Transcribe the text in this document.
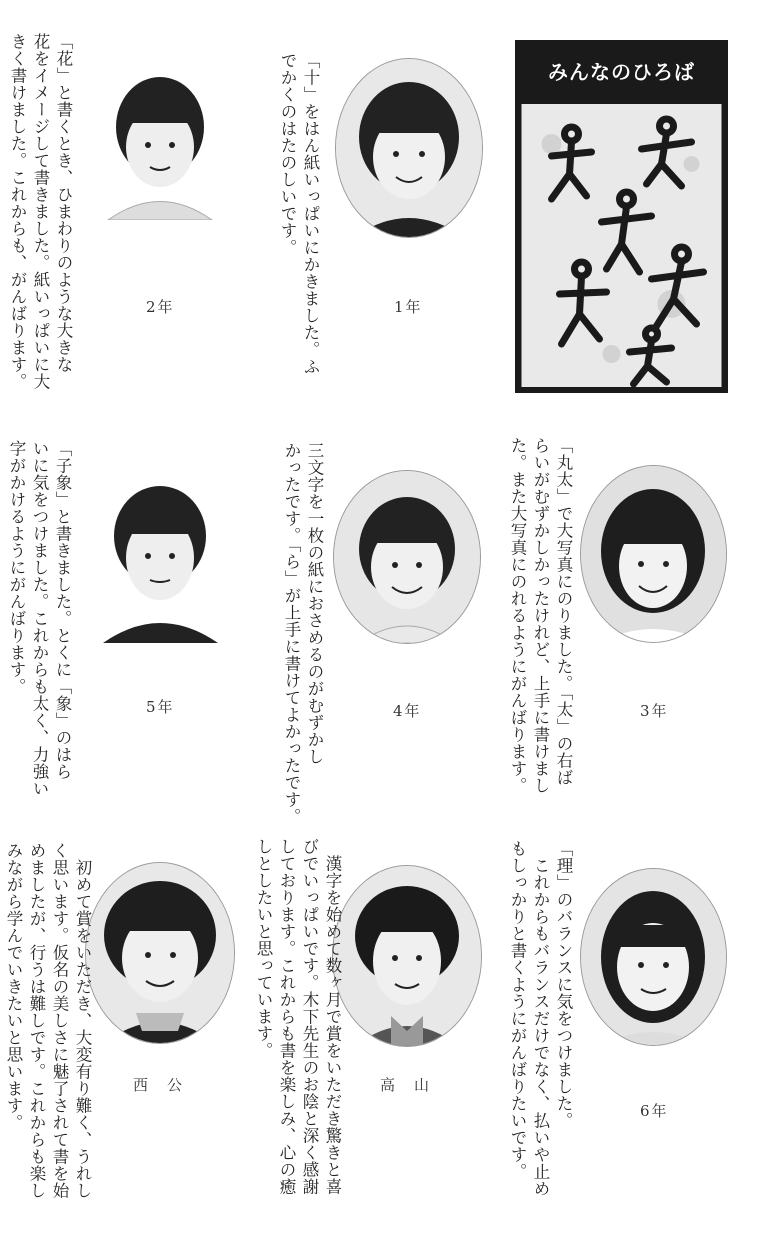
みんなのひろば
「十」をはん紙いっぱいにかきました。ふ
でかくのはたのしいです。
1年
「花」と書くとき、ひまわりのような大きな
花をイメージして書きました。紙いっぱいに大
きく書けました。これからも、がんばります。	2年
「丸太」で大写真にのりました。「太」の右ば
らいがむずかしかったけれど、上手に書けまし
た。また大写真にのれるようにがんばります。	3年
三文字を一枚の紙におさめるのがむずかし
かったです。「ら」が上手に書けてよかったです。	4年
「子象」と書きました。とくに「象」のはら
いに気をつけました。これからも太く、力強い
字がかけるようにがんばります。
5年
「理」のバランスに気をつけました。
　これからもバランスだけでなく、払いや止め
もしっかりと書くようにがんばりたいです。	6年
　漢字を始めて数ヶ月で賞をいただき驚きと喜
びでいっぱいです。木下先生のお陰と深く感謝
しております。これからも書を楽しみ、心の癒
しとしたいと思っています。
高　山
　初めて賞をいただき、大変有り難く、うれし
く思います。仮名の美しさに魅了されて書を始
めましたが、行うは難しです。これからも楽し
みながら学んでいきたいと思います。	西　公
